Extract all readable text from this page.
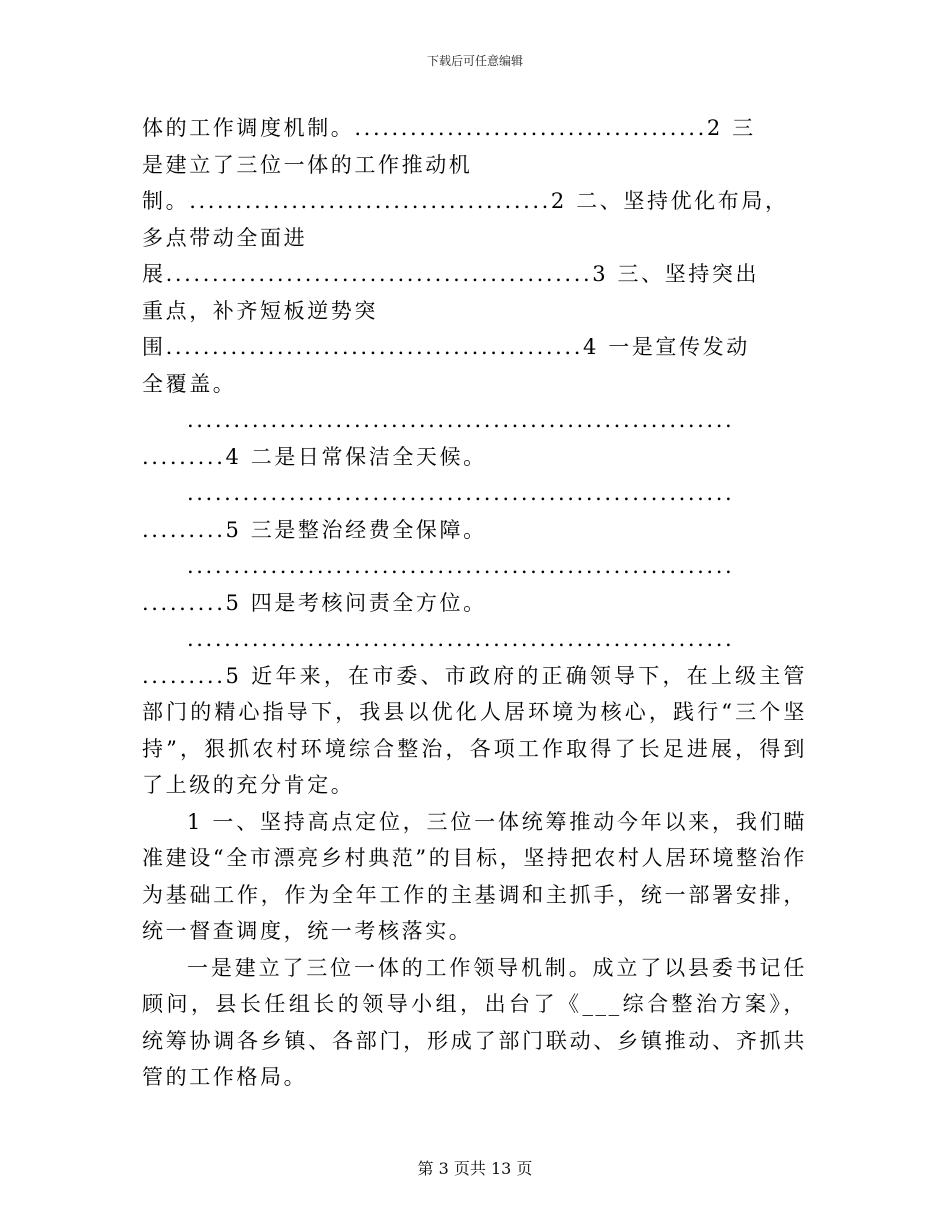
下载后可任意编辑
体的工作调度机制。......................................2 三
是建立了三位一体的工作推动机
制。.......................................2 二、坚持优化布局，
多点带动全面进
展..............................................3 三、坚持突出
重点，补齐短板逆势突
围.............................................4 一是宣传发动
全覆盖。
...........................................................
.........4 二是日常保洁全天候。
...........................................................
.........5 三是整治经费全保障。
...........................................................
.........5 四是考核问责全方位。
...........................................................
.........5 近年来，在市委、市政府的正确领导下，在上级主管部门的精心指导下，我县以优化人居环境为核心，践行“三个坚持”，狠抓农村环境综合整治，各项工作取得了长足进展，得到了上级的充分肯定。
1 一、坚持高点定位，三位一体统筹推动今年以来，我们瞄准建设“全市漂亮乡村典范”的目标，坚持把农村人居环境整治作为基础工作，作为全年工作的主基调和主抓手，统一部署安排，统一督查调度，统一考核落实。
一是建立了三位一体的工作领导机制。成立了以县委书记任顾问，县长任组长的领导小组，出台了《___综合整治方案》，统筹协调各乡镇、各部门，形成了部门联动、乡镇推动、齐抓共管的工作格局。
第 3 页共 13 页
